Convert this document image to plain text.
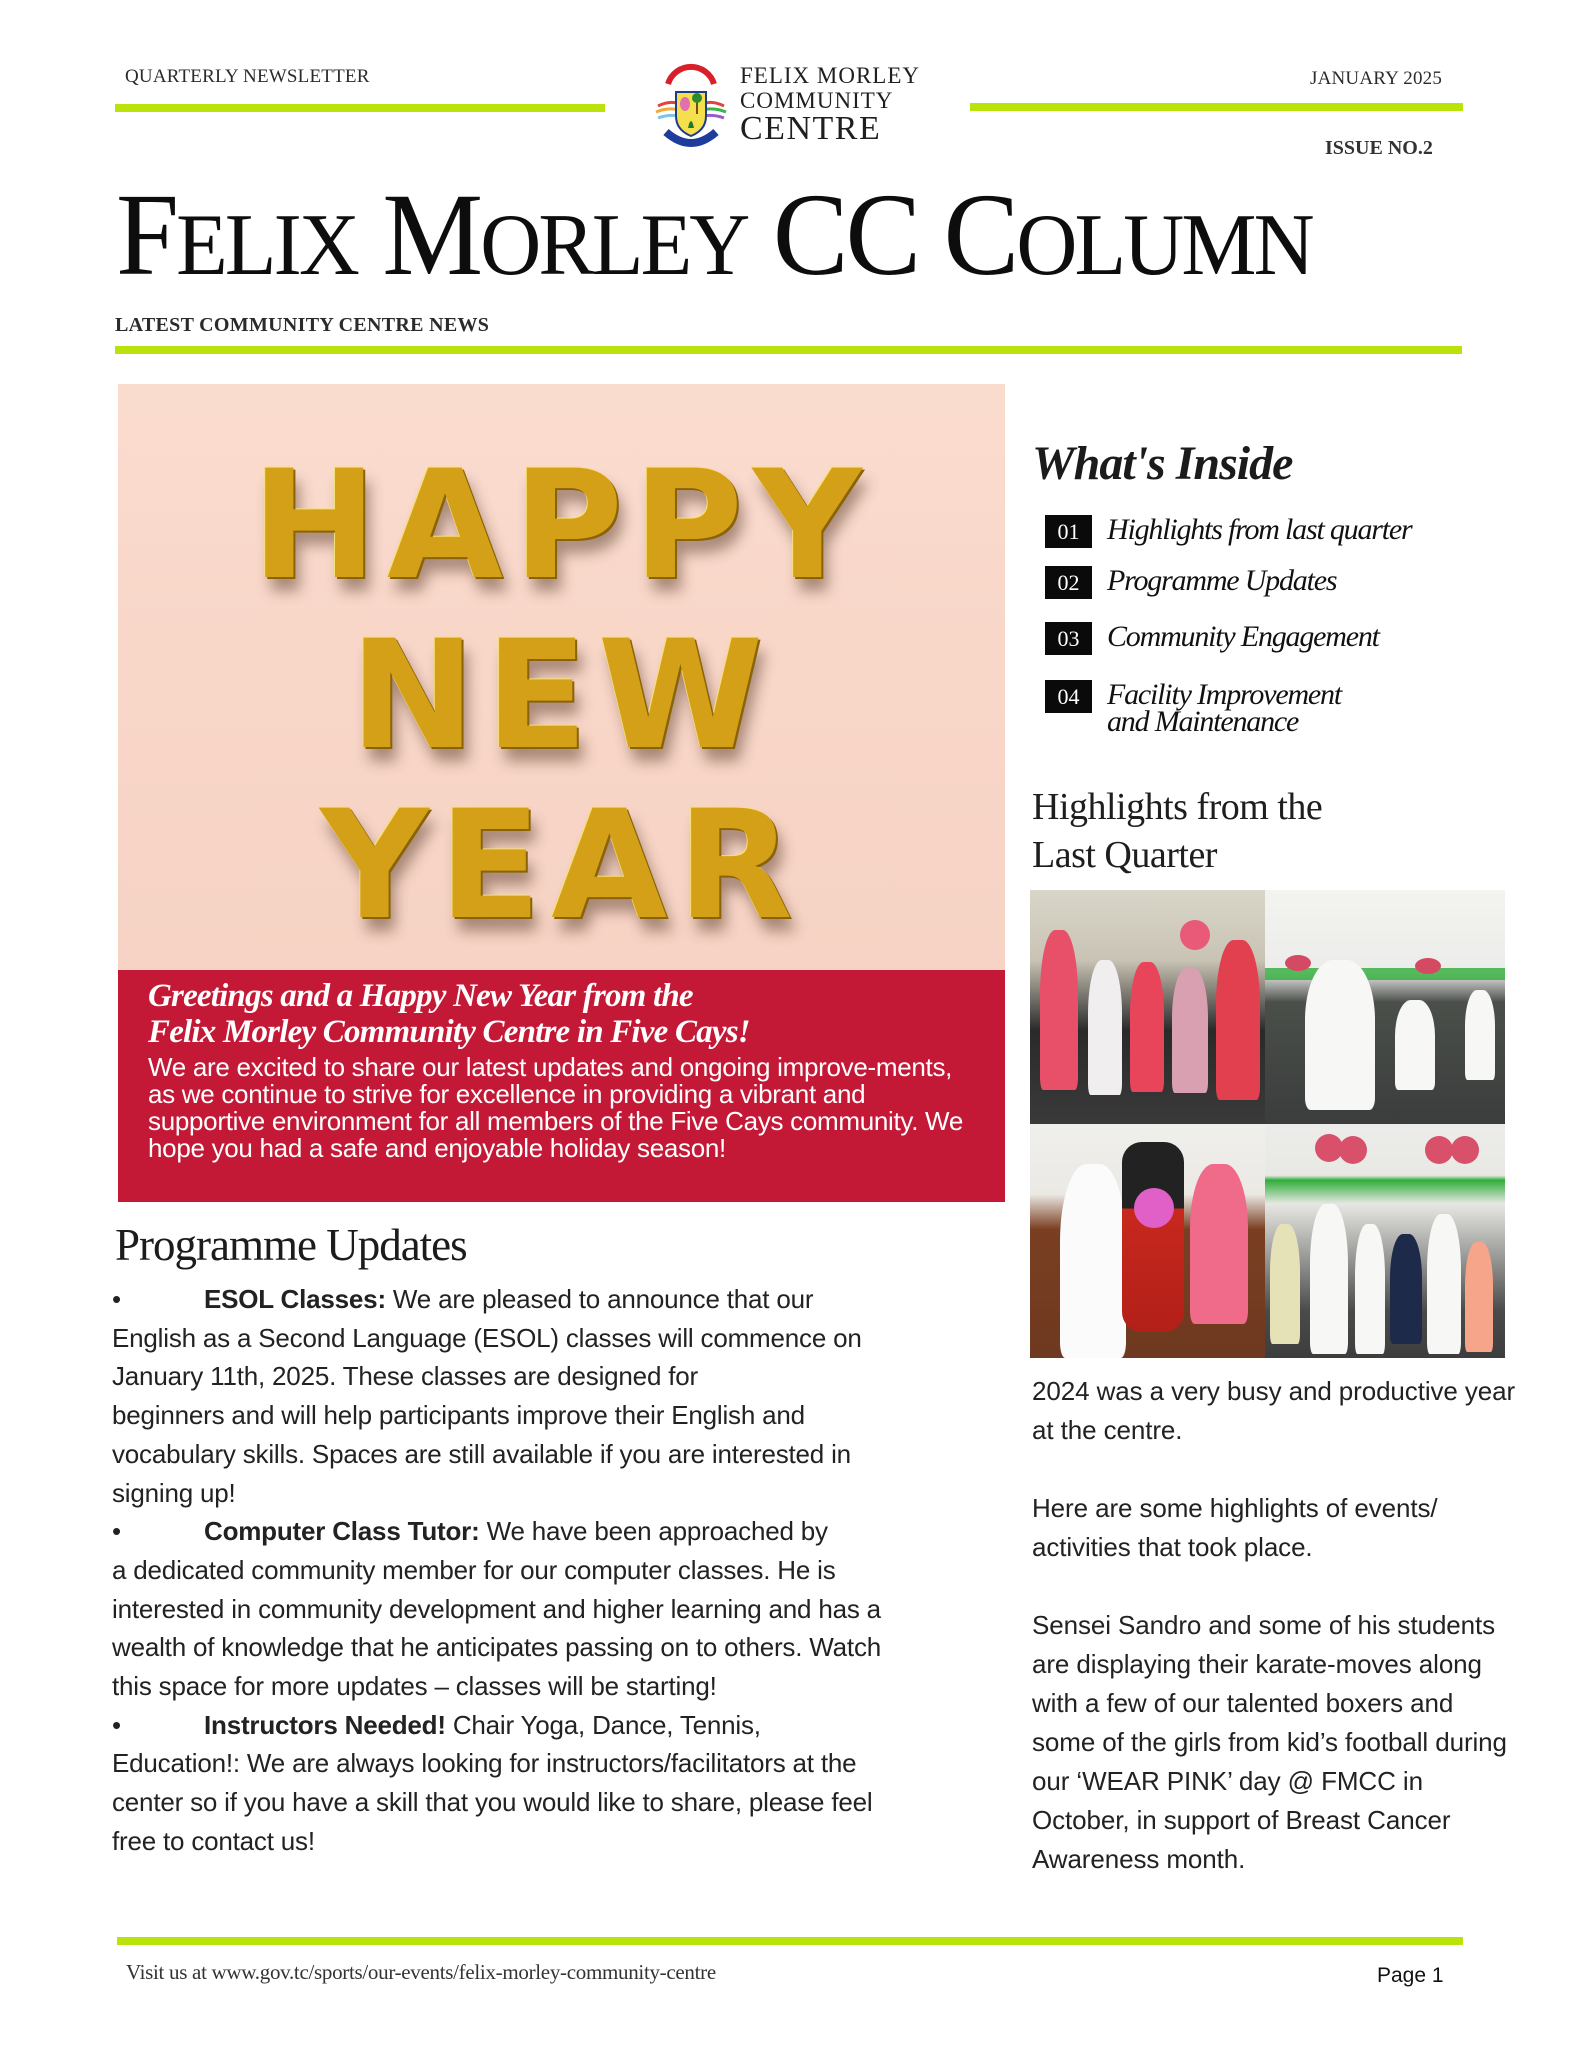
QUARTERLY NEWSLETTER	FELIX MORLEY
COMMUNITY
CENTRE
JANUARY 2025
ISSUE NO.2
FELIX MORLEY CC COLUMN
LATEST COMMUNITY CENTRE NEWS
HAPPY
NEW
YEAR
Greetings and a Happy New Year from the
Felix Morley Community Centre in Five Cays!
We are excited to share our latest updates and ongoing improve-ments, as we continue to strive for excellence in providing a vibrant and supportive environment for all members of the Five Cays community. We hope you had a safe and enjoyable holiday season!
Programme Updates

•	ESOL Classes: We are pleased to announce that our

English as a Second Language (ESOL) classes will commence on

January 11th, 2025. These classes are designed for

beginners and will help participants improve their English and

vocabulary skills. Spaces are still available if you are interested in

signing up!

•	Computer Class Tutor: We have been approached by

a dedicated community member for our computer classes. He is

interested in community development and higher learning and has a

wealth of knowledge that he anticipates passing on to others. Watch

this space for more updates – classes will be starting!

•	Instructors Needed! Chair Yoga, Dance, Tennis,

Education!: We are always looking for instructors/facilitators at the

center so if you have a skill that you would like to share, please feel

free to contact us!

What's Inside
01 Highlights from last quarter
02 Programme Updates
03 Community Engagement
04 Facility Improvement
and Maintenance
Highlights from the
Last Quarter

2024 was a very busy and productive year at the centre.

Here are some highlights of events/ activities that took place.

Sensei Sandro and some of his students are displaying their karate-moves along with a few of our talented boxers and some of the girls from kid’s football during our ‘WEAR PINK’ day @ FMCC in October, in support of Breast Cancer Awareness month.

Visit us at www.gov.tc/sports/our-events/felix-morley-community-centre	Page 1
